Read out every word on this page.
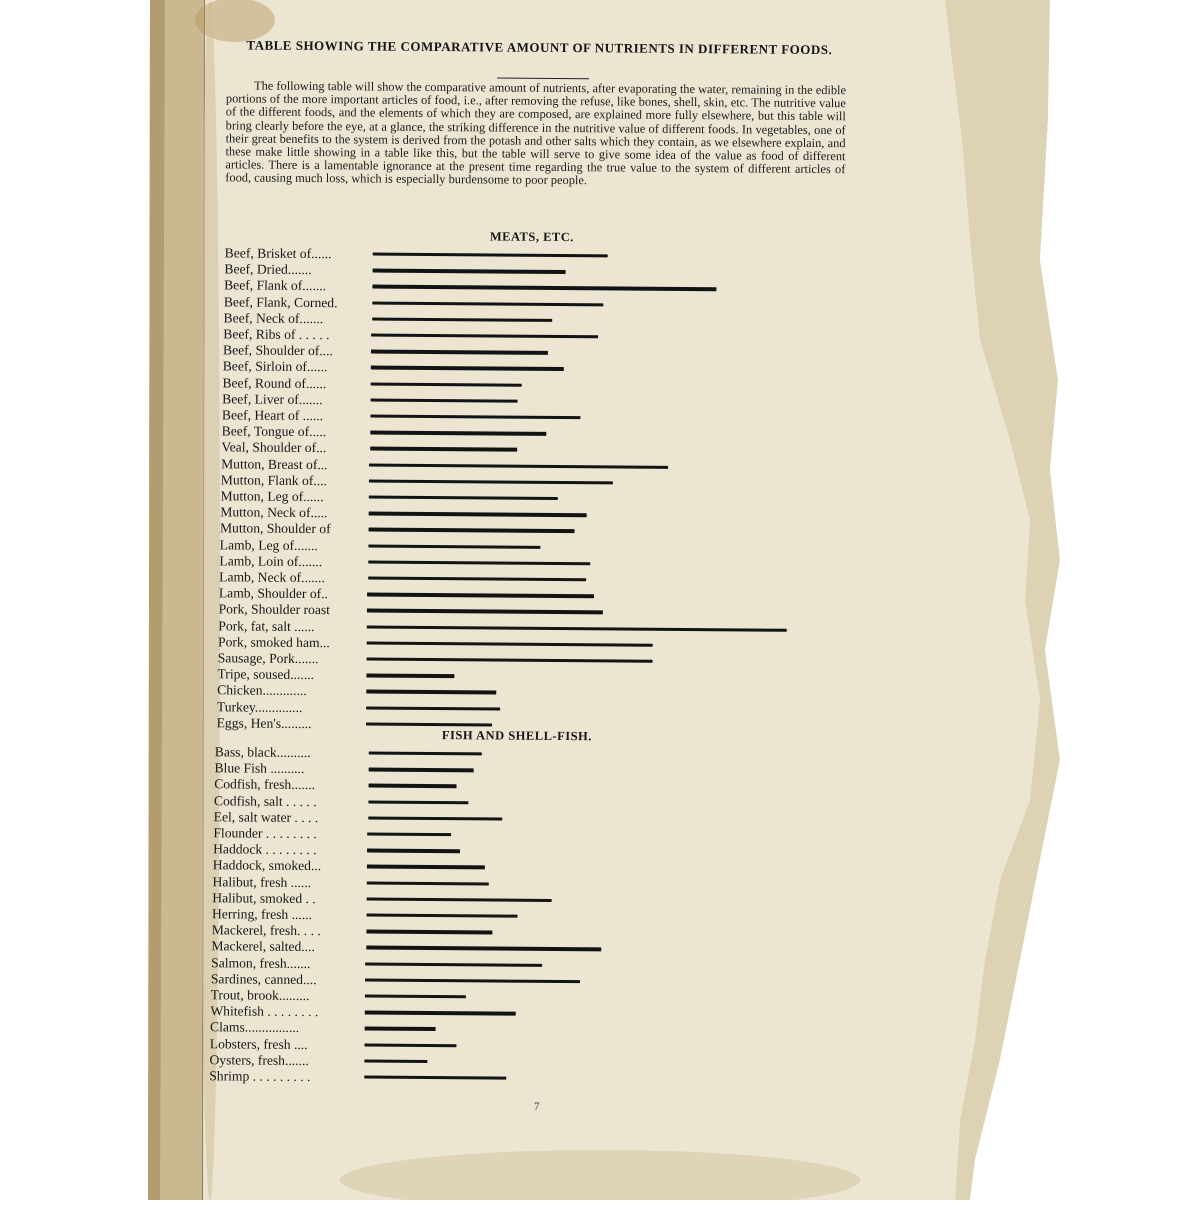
TABLE SHOWING THE COMPARATIVE AMOUNT OF NUTRIENTS IN DIFFERENT FOODS.
The following table will show the comparative amount of nutrients, after evaporating the water, remaining in the edible portions of the more important articles of food, i.e., after removing the refuse, like bones, shell, skin, etc. The nutritive value of the different foods, and the elements of which they are composed, are explained more fully elsewhere, but this table will bring clearly before the eye, at a glance, the striking difference in the nutritive value of different foods. In vegetables, one of their great benefits to the system is derived from the potash and other salts which they contain, as we elsewhere explain, and these make little showing in a table like this, but the table will serve to give some idea of the value as food of different articles. There is a lamentable ignorance at the present time regarding the true value to the system of different articles of food, causing much loss, which is especially burdensome to poor people.
MEATS, ETC.
Beef, Brisket of......
Beef, Dried.......
Beef, Flank of.......
Beef, Flank, Corned.
Beef, Neck of.......
Beef, Ribs of . . . . .
Beef, Shoulder of....
Beef, Sirloin of......
Beef, Round of......
Beef, Liver of.......
Beef, Heart of ......
Beef, Tongue of.....
Veal, Shoulder of...
Mutton, Breast of...
Mutton, Flank of....
Mutton, Leg of......
Mutton, Neck of.....
Mutton, Shoulder of
Lamb, Leg of.......
Lamb, Loin of.......
Lamb, Neck of.......
Lamb, Shoulder of..
Pork, Shoulder roast
Pork, fat, salt ......
Pork, smoked ham...
Sausage, Pork.......
Tripe, soused.......
Chicken.............
Turkey..............
Eggs, Hen's.........
FISH AND SHELL-FISH.
Bass, black..........
Blue Fish ..........
Codfish, fresh.......
Codfish, salt . . . . .
Eel, salt water . . . .
Flounder . . . . . . . .
Haddock . . . . . . . .
Haddock, smoked...
Halibut, fresh ......
Halibut, smoked . .
Herring, fresh ......
Mackerel, fresh. . . .
Mackerel, salted....
Salmon, fresh.......
Sardines, canned....
Trout, brook.........
Whitefish . . . . . . . .
Clams................
Lobsters, fresh ....
Oysters, fresh.......
Shrimp . . . . . . . . .
7
